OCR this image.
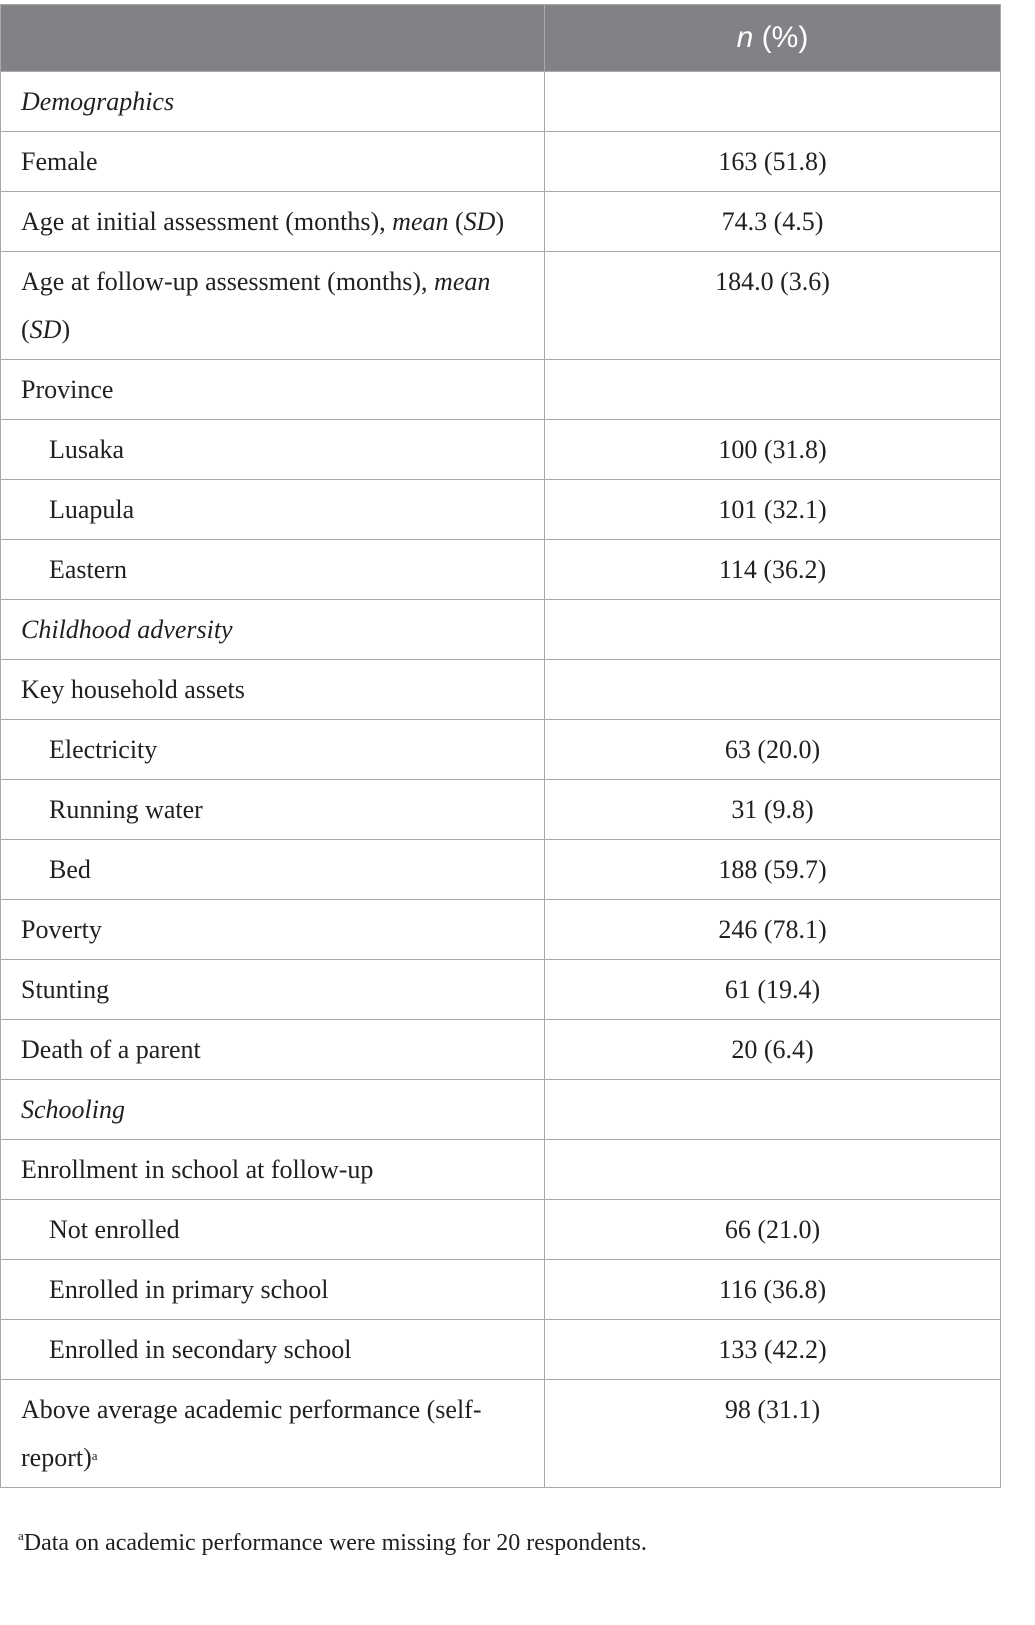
	n (%)
Demographics	
Female	163 (51.8)
Age at initial assessment (months), mean (SD)	74.3 (4.5)
Age at follow-up assessment (months), mean (SD)	184.0 (3.6)
Province	
Lusaka	100 (31.8)
Luapula	101 (32.1)
Eastern	114 (36.2)
Childhood adversity	
Key household assets	
Electricity	63 (20.0)
Running water	31 (9.8)
Bed	188 (59.7)
Poverty	246 (78.1)
Stunting	61 (19.4)
Death of a parent	20 (6.4)
Schooling	
Enrollment in school at follow-up	
Not enrolled	66 (21.0)
Enrolled in primary school	116 (36.8)
Enrolled in secondary school	133 (42.2)
Above average academic performance (self-report)$^a$	98 (31.1)
$^a$Data on academic performance were missing for 20 respondents.
